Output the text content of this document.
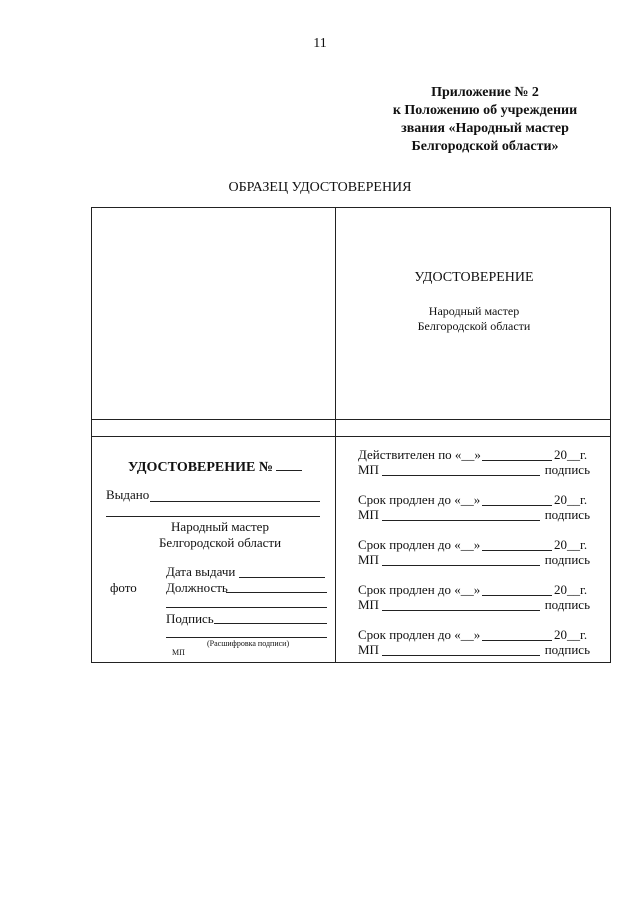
11
Приложение № 2
к Положению об учреждении
звания «Народный мастер
Белгородской области»
ОБРАЗЕЦ УДОСТОВЕРЕНИЯ
УДОСТОВЕРЕНИЕ
Народный мастер
Белгородской области
УДОСТОВЕРЕНИЕ №
Выдано
Народный мастер
Белгородской области
Дата выдачи
фото Должность
Подпись
(Расшифровка подписи)
МП
Действителен по «__»	20__г.
МП	подпись
Срок продлен до «__»	20__г.
МП	подпись
Срок продлен до «__»	20__г.
МП	подпись
Срок продлен до «__»	20__г.
МП	подпись
Срок продлен до «__»	20__г.
МП	подпись
